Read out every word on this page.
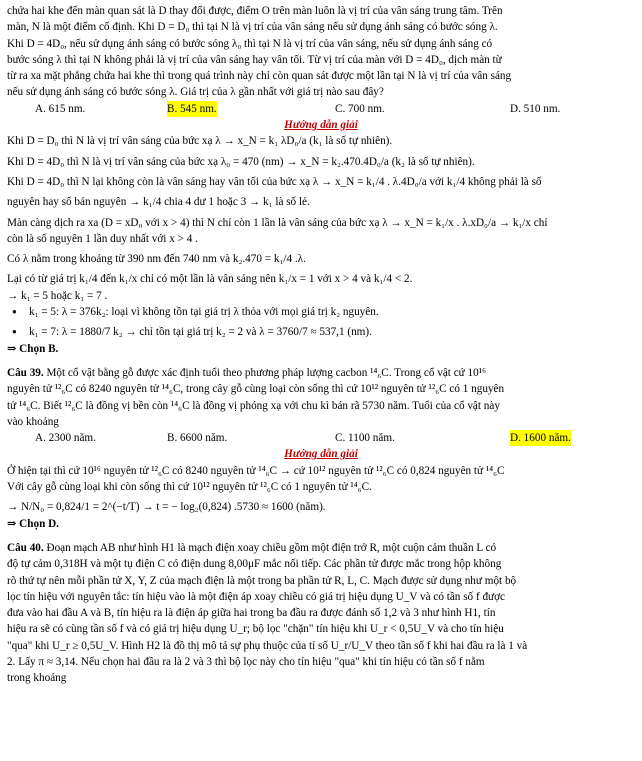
chứa hai khe đến màn quan sát là D thay đổi được, điểm O trên màn luôn là vị trí của vân sáng trung tâm. Trên

màn, N là một điểm cố định. Khi D = D₀ thì tại N là vị trí của vân sáng nếu sử dụng ánh sáng có bước sóng λ.

Khi D = 4D₀, nếu sử dụng ánh sáng có bước sóng λ₀ thì tại N là vị trí của vân sáng, nếu sử dụng ánh sáng có

bước sóng λ thì tại N không phải là vị trí của vân sáng hay vân tối. Từ vị trí của màn với D = 4D₀, dịch màn từ

từ ra xa mặt phẳng chứa hai khe thì trong quá trình này chỉ còn quan sát được một lần tại N là vị trí của vân sáng

nếu sử dụng ánh sáng có bước sóng λ. Giá trị của λ gần nhất với giá trị nào sau đây?

A. 615 nm.	B. 545 nm.	C. 700 nm.	D. 510 nm.

Hướng dẫn giải

Khi D = D₀ thì N là vị trí vân sáng của bức xạ λ → x_N = k₁ λD₀/a (k₁ là số tự nhiên).

Khi D = 4D₀ thì N là vị trí vân sáng của bức xạ λ₀ = 470 (nm) → x_N = k₂.470.4D₀/a (k₂ là số tự nhiên).

Khi D = 4D₀ thì N lại không còn là vân sáng hay vân tối của bức xạ λ → x_N = k₁/4 . λ.4D₀/a với k₁/4 không phải là số

nguyên hay số bán nguyên → k₁/4 chia 4 dư 1 hoặc 3 → k₁ là số lẻ.

Màn càng dịch ra xa (D = xD₀ với x > 4) thì N chỉ còn 1 lần là vân sáng của bức xạ λ → x_N = k₁/x . λ.xD₀/a → k₁/x chỉ

còn là số nguyên 1 lần duy nhất với x > 4 .

Có λ nằm trong khoảng từ 390 nm đến 740 nm và k₂.470 = k₁/4 .λ.

Lại có từ giá trị k₁/4 đến k₁/x chỉ có một lần là vân sáng nên k₁/x = 1 với x > 4 và k₁/4 < 2.

→ k₁ = 5 hoặc k₁ = 7 .

● k₁ = 5: λ = 376k₂: loại vì không tồn tại giá trị λ thỏa với mọi giá trị k₂ nguyên.

● k₁ = 7: λ = 1880/7 k₂ → chỉ tồn tại giá trị k₂ = 2 và λ = 3760/7 ≈ 537,1 (nm).

⇒ Chọn B.

Câu 39. Một cổ vật bằng gỗ được xác định tuổi theo phương pháp lượng cacbon ¹⁴₆C. Trong cổ vật cứ 10¹⁶

nguyên tử ¹²₆C có 8240 nguyên tử ¹⁴₆C, trong cây gỗ cùng loại còn sống thì cứ 10¹² nguyên tử ¹²₆C có 1 nguyên

tử ¹⁴₆C. Biết ¹²₆C là đồng vị bền còn ¹⁴₆C là đồng vị phóng xạ với chu kì bán rã 5730 năm. Tuổi của cổ vật này

vào khoảng

A. 2300 năm.	B. 6600 năm.	C. 1100 năm.	D. 1600 năm.

Hướng dẫn giải

Ở hiện tại thì cứ 10¹⁶ nguyên tử ¹²₆C có 8240 nguyên tử ¹⁴₆C → cứ 10¹² nguyên tử ¹²₆C có 0,824 nguyên tử ¹⁴₆C

Với cây gỗ cùng loại khi còn sống thì cứ 10¹² nguyên tử ¹²₆C có 1 nguyên tử ¹⁴₆C.

→ N/N₀ = 0,824/1 = 2^(−t/T) → t = − log₂(0,824) .5730 ≈ 1600 (năm).

⇒ Chọn D.

Câu 40. Đoạn mạch AB như hình H1 là mạch điện xoay chiều gồm một điện trở R, một cuộn cảm thuần L có

độ tự cảm 0,318H và một tụ điện C có điện dung 8,00μF mắc nối tiếp. Các phần tử được mắc trong hộp không

rõ thứ tự nên mỗi phần tử X, Y, Z của mạch điện là một trong ba phần tử R, L, C. Mạch được sử dụng như một bộ

lọc tín hiệu với nguyên tắc: tín hiệu vào là một điện áp xoay chiều có giá trị hiệu dụng U_V và có tần số f được

đưa vào hai đầu A và B, tín hiệu ra là điện áp giữa hai trong ba đầu ra được đánh số 1,2 và 3 như hình H1, tín

hiệu ra sẽ có cùng tần số f và có giá trị hiệu dụng U_r; bộ lọc "chặn" tín hiệu khi U_r < 0,5U_V và cho tín hiệu

"qua" khi U_r ≥ 0,5U_V. Hình H2 là đồ thị mô tả sự phụ thuộc của tỉ số U_r/U_V theo tần số f khi hai đầu ra là 1 và

2. Lấy π ≈ 3,14. Nếu chọn hai đầu ra là 2 và 3 thì bộ lọc này cho tín hiệu "qua" khi tín hiệu có tần số f nằm

trong khoảng
